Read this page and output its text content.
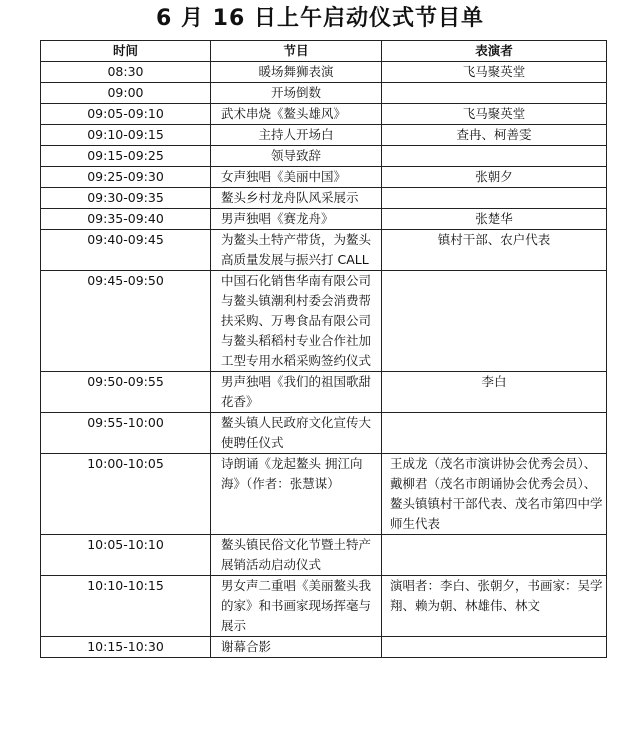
6 月 16 日上午启动仪式节目单
时间	节目	表演者
08:30	暖场舞狮表演	飞马聚英堂
09:00	开场倒数	
09:05-09:10	武术串烧《鳌头雄风》	飞马聚英堂
09:10-09:15	主持人开场白	查冉、柯善雯
09:15-09:25	领导致辞	
09:25-09:30	女声独唱《美丽中国》	张朝夕
09:30-09:35	鳌头乡村龙舟队风采展示	
09:35-09:40	男声独唱《赛龙舟》	张楚华
09:40-09:45	为鳌头土特产带货，为鳌头高质量发展与振兴打 CALL	镇村干部、农户代表
09:45-09:50	中国石化销售华南有限公司与鳌头镇潮利村委会消费帮扶采购、万粤食品有限公司与鳌头稻稻村专业合作社加工型专用水稻采购签约仪式	
09:50-09:55	男声独唱《我们的祖国歌甜花香》	李白
09:55-10:00	鳌头镇人民政府文化宣传大使聘任仪式	
10:00-10:05	诗朗诵《龙起鳌头 拥江向海》（作者：张慧谋）	王成龙（茂名市演讲协会优秀会员）、戴柳君（茂名市朗诵协会优秀会员）、鳌头镇镇村干部代表、茂名市第四中学师生代表
10:05-10:10	鳌头镇民俗文化节暨土特产展销活动启动仪式	
10:10-10:15	男女声二重唱《美丽鳌头我的家》和书画家现场挥毫与展示	演唱者：李白、张朝夕，书画家：吴学翔、赖为朝、林雄伟、林文
10:15-10:30	谢幕合影	
